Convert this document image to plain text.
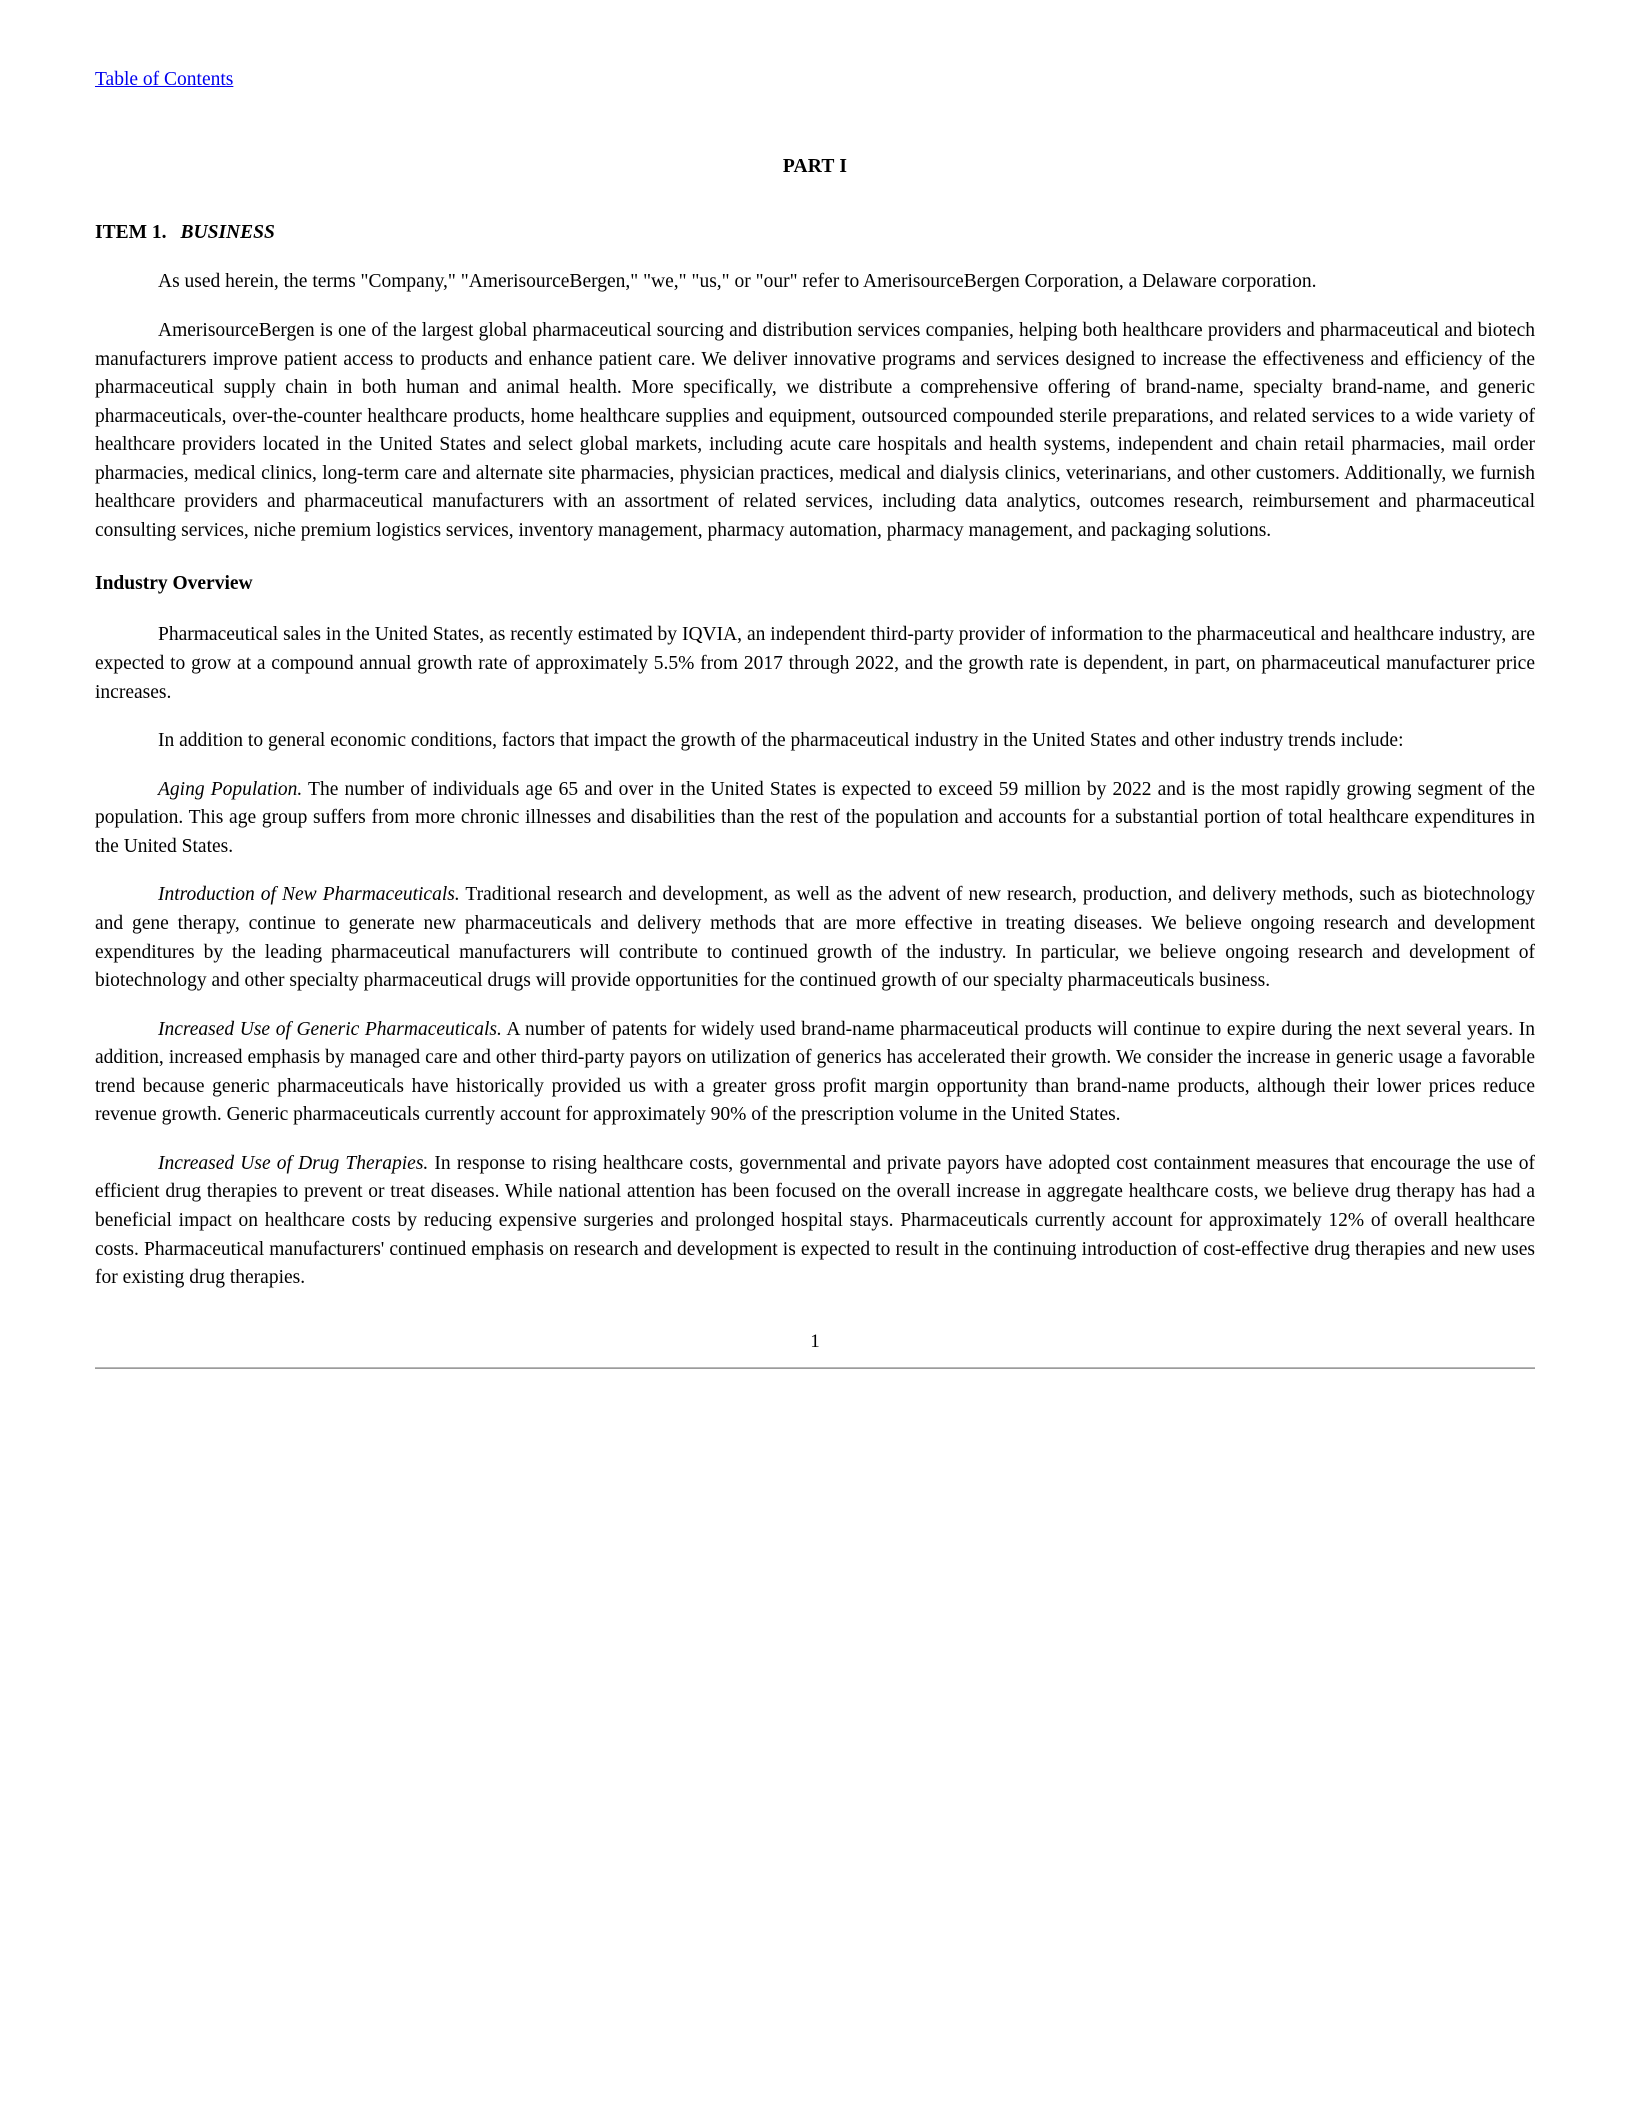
Table of Contents
PART I
ITEM 1. BUSINESS

As used herein, the terms "Company," "AmerisourceBergen," "we," "us," or "our" refer to AmerisourceBergen Corporation, a Delaware corporation.

AmerisourceBergen is one of the largest global pharmaceutical sourcing and distribution services companies, helping both healthcare providers and pharmaceutical and biotech manufacturers improve patient access to products and enhance patient care. We deliver innovative programs and services designed to increase the effectiveness and efficiency of the pharmaceutical supply chain in both human and animal health. More specifically, we distribute a comprehensive offering of brand-name, specialty brand-name, and generic pharmaceuticals, over-the-counter healthcare products, home healthcare supplies and equipment, outsourced compounded sterile preparations, and related services to a wide variety of healthcare providers located in the United States and select global markets, including acute care hospitals and health systems, independent and chain retail pharmacies, mail order pharmacies, medical clinics, long-term care and alternate site pharmacies, physician practices, medical and dialysis clinics, veterinarians, and other customers. Additionally, we furnish healthcare providers and pharmaceutical manufacturers with an assortment of related services, including data analytics, outcomes research, reimbursement and pharmaceutical consulting services, niche premium logistics services, inventory management, pharmacy automation, pharmacy management, and packaging solutions.

Industry Overview

Pharmaceutical sales in the United States, as recently estimated by IQVIA, an independent third-party provider of information to the pharmaceutical and healthcare industry, are expected to grow at a compound annual growth rate of approximately 5.5% from 2017 through 2022, and the growth rate is dependent, in part, on pharmaceutical manufacturer price increases.

In addition to general economic conditions, factors that impact the growth of the pharmaceutical industry in the United States and other industry trends include:

Aging Population. The number of individuals age 65 and over in the United States is expected to exceed 59 million by 2022 and is the most rapidly growing segment of the population. This age group suffers from more chronic illnesses and disabilities than the rest of the population and accounts for a substantial portion of total healthcare expenditures in the United States.

Introduction of New Pharmaceuticals. Traditional research and development, as well as the advent of new research, production, and delivery methods, such as biotechnology and gene therapy, continue to generate new pharmaceuticals and delivery methods that are more effective in treating diseases. We believe ongoing research and development expenditures by the leading pharmaceutical manufacturers will contribute to continued growth of the industry. In particular, we believe ongoing research and development of biotechnology and other specialty pharmaceutical drugs will provide opportunities for the continued growth of our specialty pharmaceuticals business.

Increased Use of Generic Pharmaceuticals. A number of patents for widely used brand-name pharmaceutical products will continue to expire during the next several years. In addition, increased emphasis by managed care and other third-party payors on utilization of generics has accelerated their growth. We consider the increase in generic usage a favorable trend because generic pharmaceuticals have historically provided us with a greater gross profit margin opportunity than brand-name products, although their lower prices reduce revenue growth. Generic pharmaceuticals currently account for approximately 90% of the prescription volume in the United States.

Increased Use of Drug Therapies. In response to rising healthcare costs, governmental and private payors have adopted cost containment measures that encourage the use of efficient drug therapies to prevent or treat diseases. While national attention has been focused on the overall increase in aggregate healthcare costs, we believe drug therapy has had a beneficial impact on healthcare costs by reducing expensive surgeries and prolonged hospital stays. Pharmaceuticals currently account for approximately 12% of overall healthcare costs. Pharmaceutical manufacturers' continued emphasis on research and development is expected to result in the continuing introduction of cost-effective drug therapies and new uses for existing drug therapies.

1
